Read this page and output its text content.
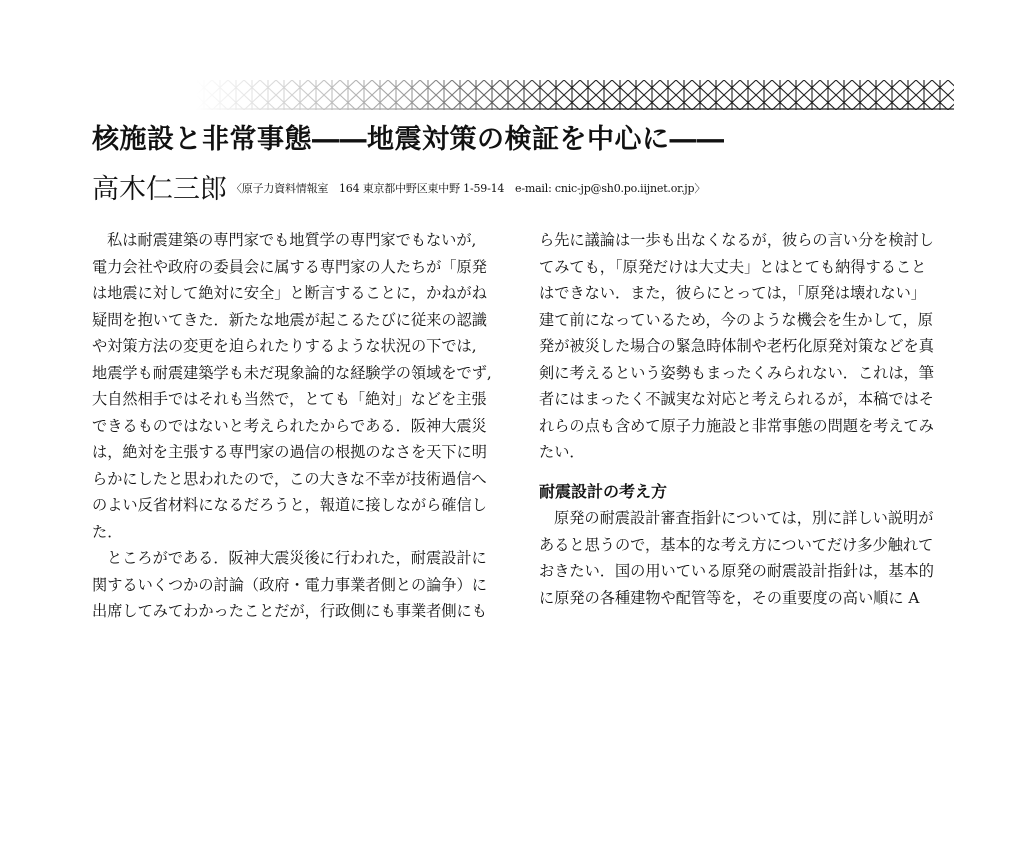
核施設と非常事態――地震対策の検証を中心に――
高木仁三郎 〈原子力資料情報室　164 東京都中野区東中野 1-59-14　e-mail: cnic-jp@sh0.po.iijnet.or.jp〉

私は耐震建築の専門家でも地質学の専門家でもないが,
電力会社や政府の委員会に属する専門家の人たちが「原発
は地震に対して絶対に安全」と断言することに，かねがね
疑問を抱いてきた．新たな地震が起こるたびに従来の認識
や対策方法の変更を迫られたりするような状況の下では,
地震学も耐震建築学も未だ現象論的な経験学の領域をでず,
大自然相手ではそれも当然で，とても「絶対」などを主張
できるものではないと考えられたからである．阪神大震災
は，絶対を主張する専門家の過信の根拠のなさを天下に明
らかにしたと思われたので，この大きな不幸が技術過信へ
のよい反省材料になるだろうと，報道に接しながら確信し
た．
ところがである．阪神大震災後に行われた，耐震設計に
関するいくつかの討論（政府・電力事業者側との論争）に
出席してみてわかったことだが，行政側にも事業者側にも
ら先に議論は一歩も出なくなるが，彼らの言い分を検討し
てみても，「原発だけは大丈夫」とはとても納得すること
はできない．また，彼らにとっては，「原発は壊れない」
建て前になっているため，今のような機会を生かして，原
発が被災した場合の緊急時体制や老朽化原発対策などを真
剣に考えるという姿勢もまったくみられない．これは，筆
者にはまったく不誠実な対応と考えられるが，本稿ではそ
れらの点も含めて原子力施設と非常事態の問題を考えてみ
たい．
耐震設計の考え方
原発の耐震設計審査指針については，別に詳しい説明が
あると思うので，基本的な考え方についてだけ多少触れて
おきたい．国の用いている原発の耐震設計指針は，基本的
に原発の各種建物や配管等を，その重要度の高い順に A
